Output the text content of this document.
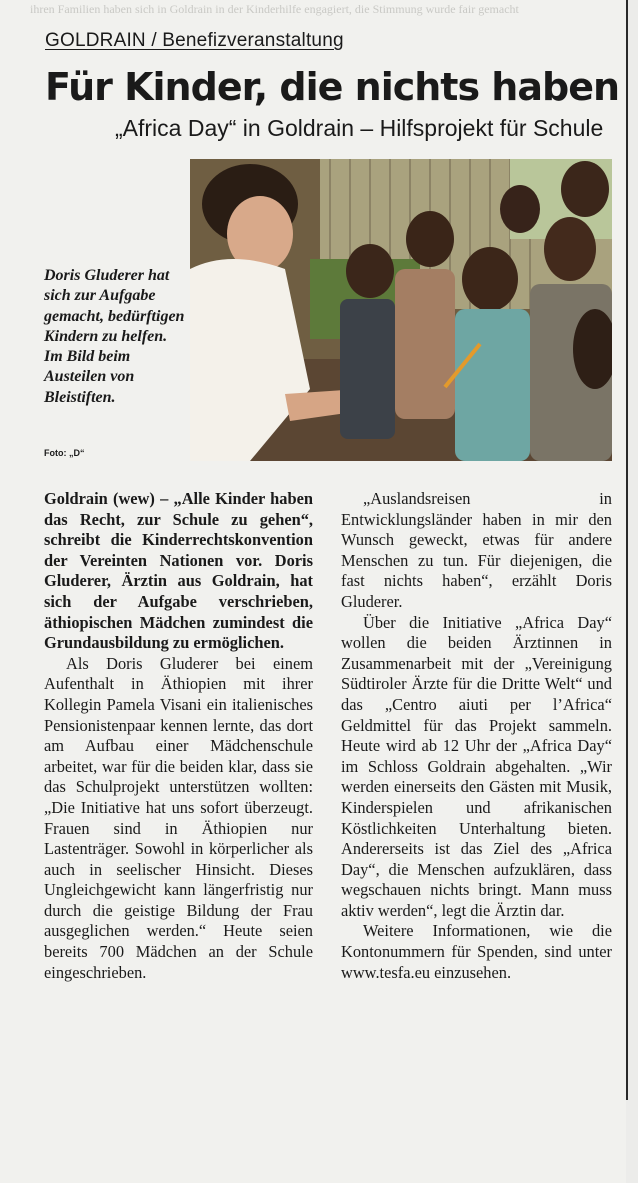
ihren Familien haben sich in Goldrain in der Kinderhilfe engagiert, die Stimmung wurde fair gemacht
GOLDRAIN / Benefizveranstaltung
Für Kinder, die nichts haben
„Africa Day“ in Goldrain – Hilfsprojekt für Schule
Doris Gluderer hat sich zur Aufgabe gemacht, bedürftigen Kindern zu helfen. Im Bild beim Austeilen von Bleistiften.
Foto: „D“

Goldrain (wew) – „Alle Kinder haben das Recht, zur Schule zu gehen“, schreibt die Kinderrechtskonvention der Vereinten Nationen vor. Doris Gluderer, Ärztin aus Goldrain, hat sich der Aufgabe verschrieben, äthiopischen Mädchen zumindest die Grundausbildung zu ermöglichen.

Als Doris Gluderer bei einem Aufenthalt in Äthiopien mit ihrer Kollegin Pamela Visani ein italienisches Pensionistenpaar kennen lernte, das dort am Aufbau einer Mädchenschule arbeitet, war für die beiden klar, dass sie das Schulprojekt unterstützen wollten: „Die Initiative hat uns sofort überzeugt. Frauen sind in Äthiopien nur Lastenträger. Sowohl in körperlicher als auch in seelischer Hinsicht. Dieses Ungleichgewicht kann längerfristig nur durch die geistige Bildung der Frau ausgeglichen werden.“ Heute seien bereits 700 Mädchen an der Schule eingeschrieben.

„Auslandsreisen in Entwicklungsländer haben in mir den Wunsch geweckt, etwas für andere Menschen zu tun. Für diejenigen, die fast nichts haben“, erzählt Doris Gluderer.

Über die Initiative „Africa Day“ wollen die beiden Ärztinnen in Zusammenarbeit mit der „Vereinigung Südtiroler Ärzte für die Dritte Welt“ und das „Centro aiuti per l’Africa“ Geldmittel für das Projekt sammeln. Heute wird ab 12 Uhr der „Africa Day“ im Schloss Goldrain abgehalten. „Wir werden einerseits den Gästen mit Musik, Kinderspielen und afrikanischen Köstlichkeiten Unterhaltung bieten. Andererseits ist das Ziel des „Africa Day“, die Menschen aufzuklären, dass wegschauen nichts bringt. Mann muss aktiv werden“, legt die Ärztin dar.

Weitere Informationen, wie die Kontonummern für Spenden, sind unter www.tesfa.eu einzusehen.
